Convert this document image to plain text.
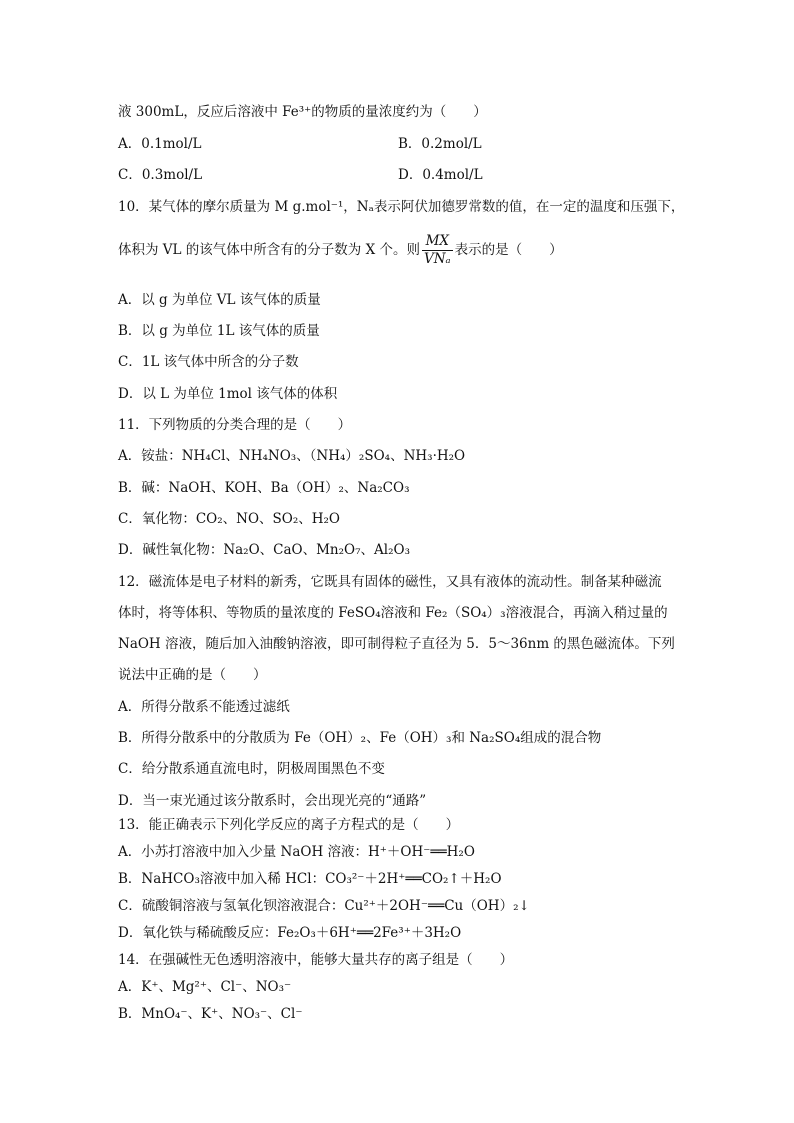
液 300mL，反应后溶液中 Fe³⁺的物质的量浓度约为（　　）
A．0.1mol/L	B．0.2mol/L
C．0.3mol/L	D．0.4mol/L
10．某气体的摩尔质量为 M g.mol⁻¹，Nₐ表示阿伏加德罗常数的值，在一定的温度和压强下，
体积为 VL 的该气体中所含有的分子数为 X 个。则 $\frac{MX}{\text{VNₐ}}$ 表示的是（　　）
A．以 g 为单位 VL 该气体的质量
B．以 g 为单位 1L 该气体的质量
C．1L 该气体中所含的分子数
D．以 L 为单位 1mol 该气体的体积
11．下列物质的分类合理的是（　　）
A．铵盐：NH₄Cl、NH₄NO₃、（NH₄）₂SO₄、NH₃·H₂O
B．碱：NaOH、KOH、Ba（OH）₂、Na₂CO₃
C．氧化物：CO₂、NO、SO₂、H₂O
D．碱性氧化物：Na₂O、CaO、Mn₂O₇、Al₂O₃
12．磁流体是电子材料的新秀，它既具有固体的磁性，又具有液体的流动性。制备某种磁流
体时，将等体积、等物质的量浓度的 FeSO₄溶液和 Fe₂（SO₄）₃溶液混合，再滴入稍过量的
NaOH 溶液，随后加入油酸钠溶液，即可制得粒子直径为 5．5～36nm 的黑色磁流体。下列
说法中正确的是（　　）
A．所得分散系不能透过滤纸
B．所得分散系中的分散质为 Fe（OH）₂、Fe（OH）₃和 Na₂SO₄组成的混合物
C．给分散系通直流电时，阴极周围黑色不变
D．当一束光通过该分散系时，会出现光亮的“通路”
13．能正确表示下列化学反应的离子方程式的是（　　）
A．小苏打溶液中加入少量 NaOH 溶液：H⁺＋OH⁻══H₂O
B．NaHCO₃溶液中加入稀 HCl：CO₃²⁻＋2H⁺══CO₂↑＋H₂O
C．硫酸铜溶液与氢氧化钡溶液混合：Cu²⁺＋2OH⁻══Cu（OH）₂↓
D．氧化铁与稀硫酸反应：Fe₂O₃＋6H⁺══2Fe³⁺＋3H₂O
14．在强碱性无色透明溶液中，能够大量共存的离子组是（　　）
A．K⁺、Mg²⁺、Cl⁻、NO₃⁻
B．MnO₄⁻、K⁺、NO₃⁻、Cl⁻
